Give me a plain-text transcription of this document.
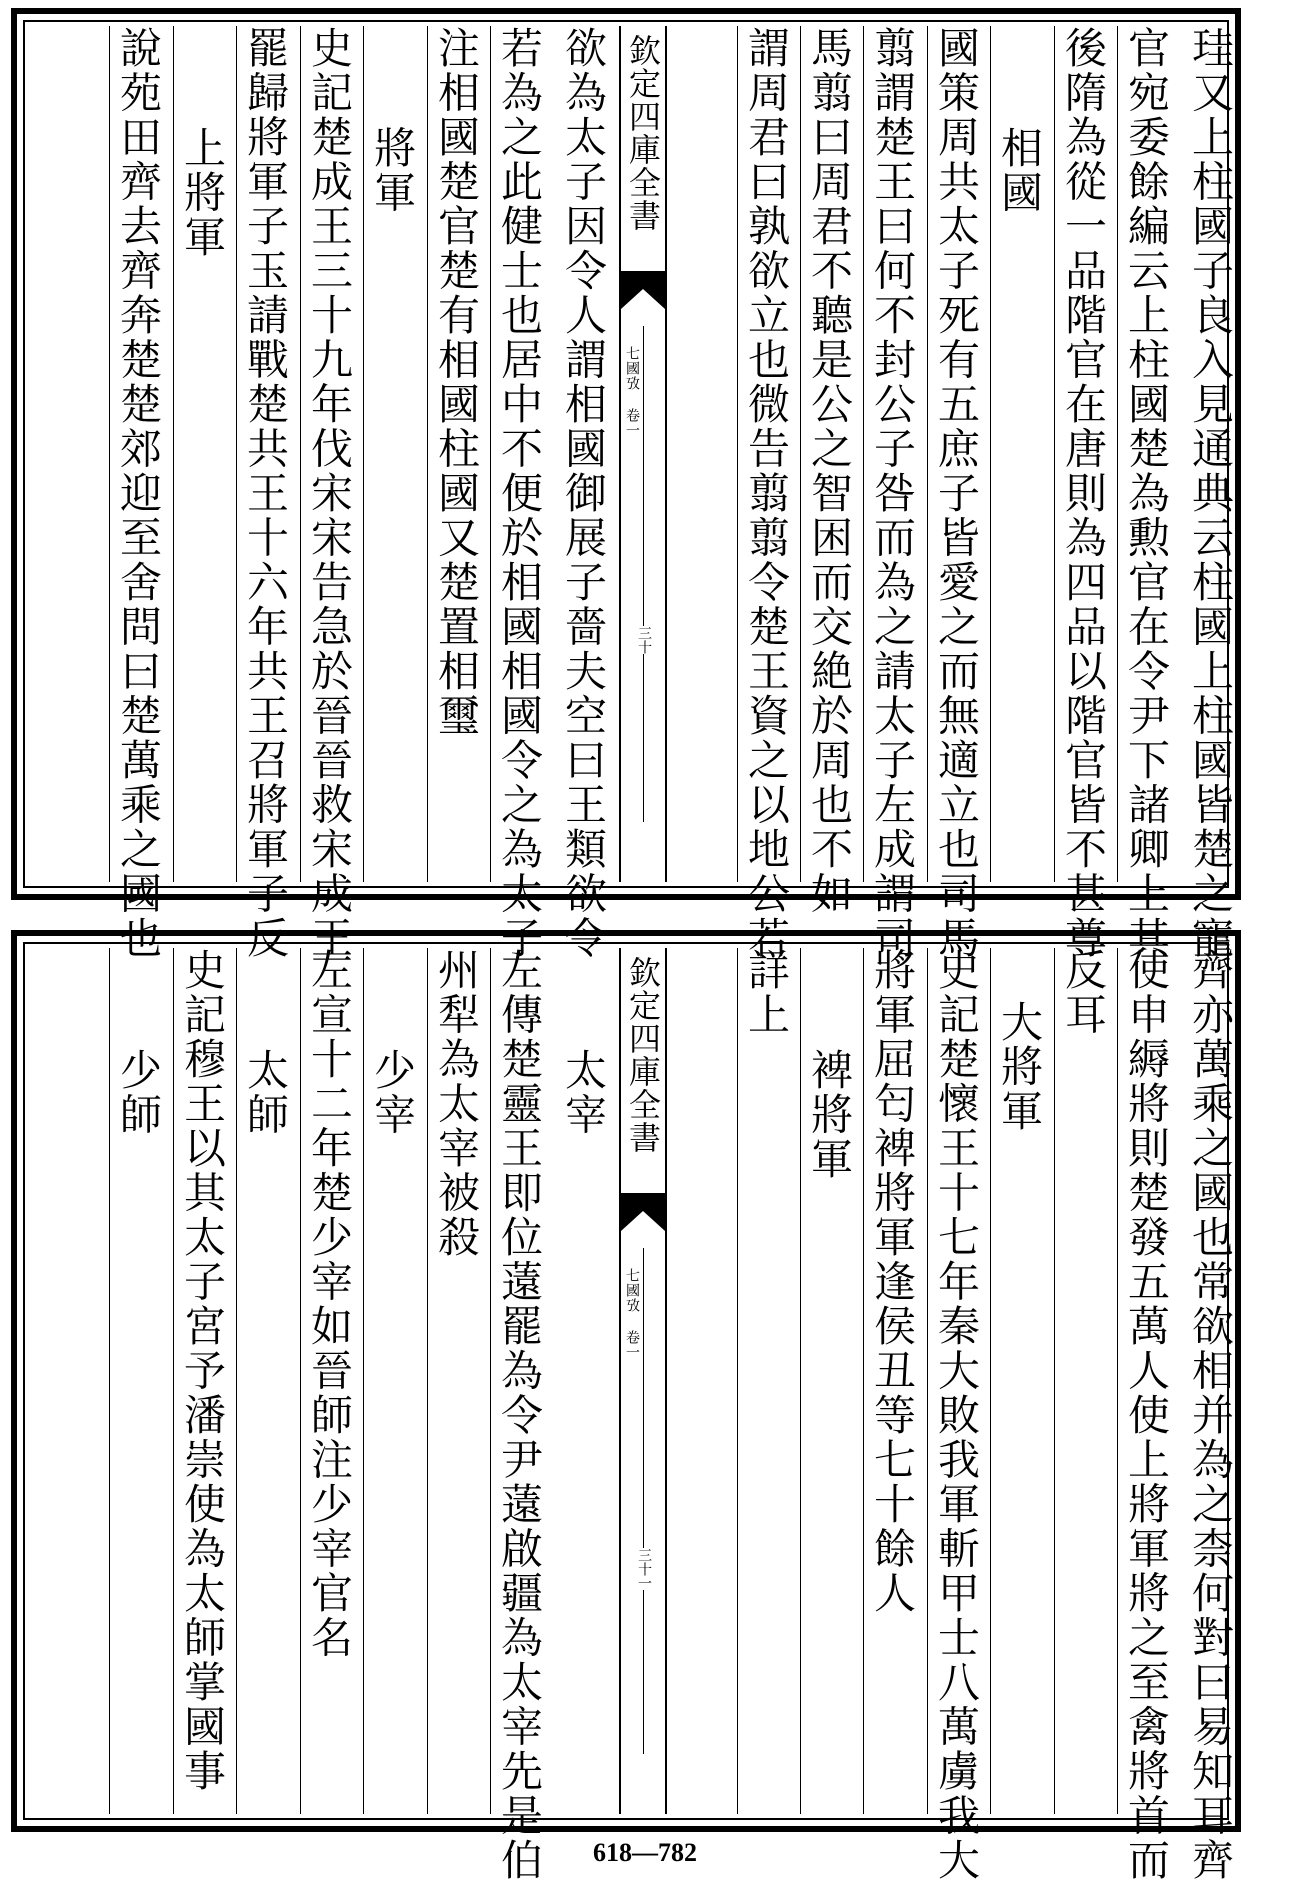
珪又上柱國子良入見通典云柱國上柱國皆楚之寵
官宛委餘編云上柱國楚為勲官在令尹下諸卿上其
後隋為從一品階官在唐則為四品以階官皆不甚尊
相國
國策周共太子死有五庶子皆愛之而無適立也司馬
翦謂楚王曰何不封公子咎而為之請太子左成謂司
馬翦曰周君不聽是公之智困而交絶於周也不如
謂周君曰孰欲立也微告翦翦令楚王資之以地公若
欽定四庫全書
七國攷 卷一
三十
欲為太子因令人謂相國御展子嗇夫空曰王類欲令
若為之此健士也居中不便於相國相國令之為太子
注相國楚官楚有相國柱國又楚置相璽
將軍
史記楚成王三十九年伐宋宋告急於晉晉救宋成王
罷歸將軍子玉請戰楚共王十六年共王召將軍子反
上將軍
說苑田齊去齊奔楚楚郊迎至舍問曰楚萬乘之國也
齊亦萬乘之國也常欲相并為之柰何對曰易知耳齊
使申縟將則楚發五萬人使上將軍將之至禽將首而
反耳
大將軍
史記楚懷王十七年秦大敗我軍斬甲士八萬虜我大
將軍屈匄裨將軍逢侯丑等七十餘人
裨將軍
詳上
欽定四庫全書
七國攷 卷一
三十一
太宰
左傳楚靈王即位薳罷為令尹薳啟疆為太宰先是伯
州犁為太宰被殺
少宰
左宣十二年楚少宰如晉師注少宰官名
太師
史記穆王以其太子宮予潘崇使為太師掌國事
少師
618—782
